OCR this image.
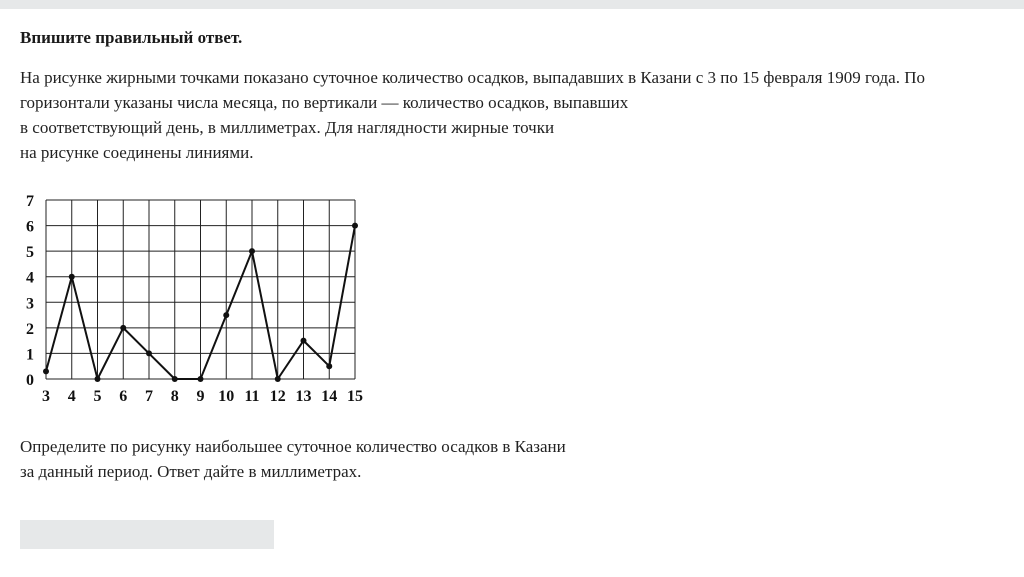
Впишите правильный ответ.
На рисунке жирными точками показано суточное количество осадков, выпадавших в Казани с 3 по 15 февраля 1909 года. По
горизонтали указаны числа месяца, по вертикали — количество осадков, выпавших
в соответствующий день, в миллиметрах. Для наглядности жирные точки
на рисунке соединены линиями.
0
1
2
3
4
5
6
7
3 4 5 6 7 8 9 10 11 12 13 14 15
Определите по рисунку наибольшее суточное количество осадков в Казани
за данный период. Ответ дайте в миллиметрах.
